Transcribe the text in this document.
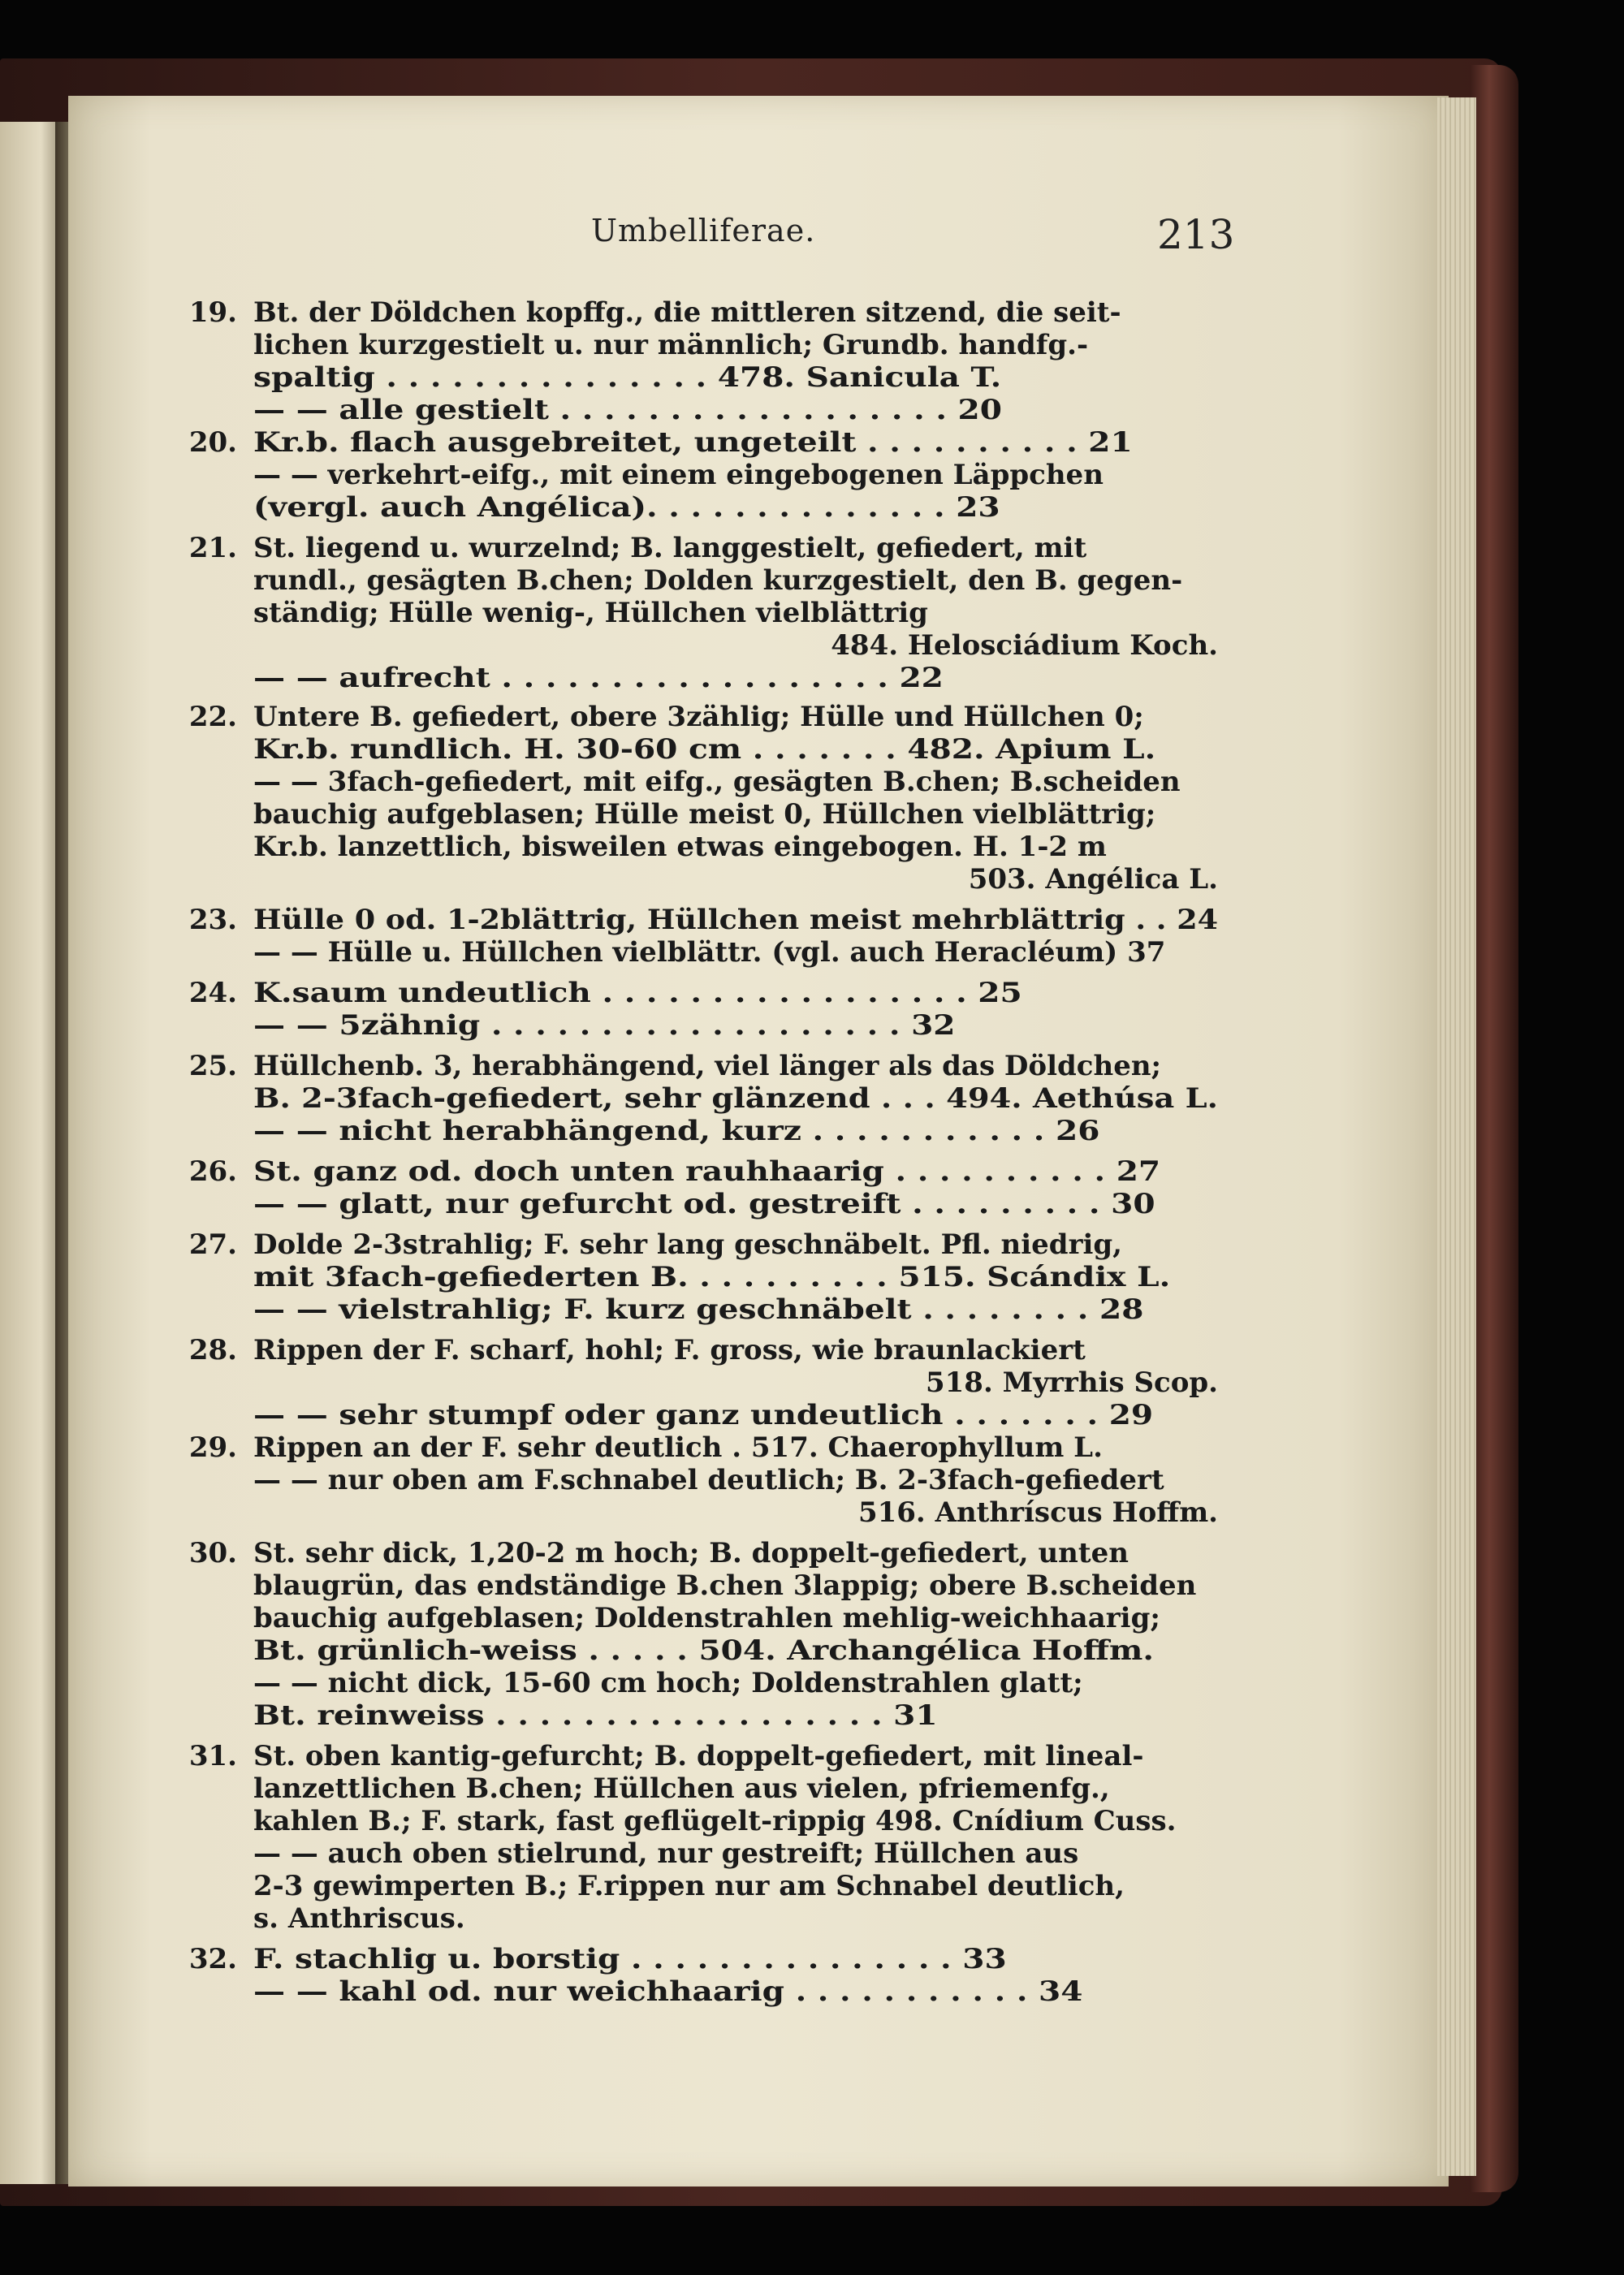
Umbelliferae.	213
19. Bt. der Döldchen kopffg., die mittleren sitzend, die seit-
lichen kurzgestielt u. nur männlich; Grundb. handfg.-
spaltig . . . . . . . . . . . . . . . 478. Sanicula T.
— — alle gestielt . . . . . . . . . . . . . . . . . . 20
20. Kr.b. flach ausgebreitet, ungeteilt . . . . . . . . . . 21
— — verkehrt-eifg., mit einem eingebogenen Läppchen
(vergl. auch Angélica). . . . . . . . . . . . . . 23
21. St. liegend u. wurzelnd; B. langgestielt, gefiedert, mit
rundl., gesägten B.chen; Dolden kurzgestielt, den B. gegen-
ständig; Hülle wenig-, Hüllchen vielblättrig
484. Helosciádium Koch.
— — aufrecht . . . . . . . . . . . . . . . . . . 22
22. Untere B. gefiedert, obere 3zählig; Hülle und Hüllchen 0;
Kr.b. rundlich. H. 30-60 cm . . . . . . . 482. Apium L.
— — 3fach-gefiedert, mit eifg., gesägten B.chen; B.scheiden
bauchig aufgeblasen; Hülle meist 0, Hüllchen vielblättrig;
Kr.b. lanzettlich, bisweilen etwas eingebogen. H. 1-2 m
503. Angélica L.
23. Hülle 0 od. 1-2blättrig, Hüllchen meist mehrblättrig . . 24
— — Hülle u. Hüllchen vielblättr. (vgl. auch Heracléum) 37
24. K.saum undeutlich . . . . . . . . . . . . . . . . . 25
— — 5zähnig . . . . . . . . . . . . . . . . . . . 32
25. Hüllchenb. 3, herabhängend, viel länger als das Döldchen;
B. 2-3fach-gefiedert, sehr glänzend . . . 494. Aethúsa L.
— — nicht herabhängend, kurz . . . . . . . . . . . 26
26. St. ganz od. doch unten rauhhaarig . . . . . . . . . . 27
— — glatt, nur gefurcht od. gestreift . . . . . . . . . 30
27. Dolde 2-3strahlig; F. sehr lang geschnäbelt. Pfl. niedrig,
mit 3fach-gefiederten B. . . . . . . . . . 515. Scándix L.
— — vielstrahlig; F. kurz geschnäbelt . . . . . . . . 28
28. Rippen der F. scharf, hohl; F. gross, wie braunlackiert
518. Myrrhis Scop.
— — sehr stumpf oder ganz undeutlich . . . . . . . 29
29. Rippen an der F. sehr deutlich . 517. Chaerophyllum L.
— — nur oben am F.schnabel deutlich; B. 2-3fach-gefiedert
516. Anthríscus Hoffm.
30. St. sehr dick, 1,20-2 m hoch; B. doppelt-gefiedert, unten
blaugrün, das endständige B.chen 3lappig; obere B.scheiden
bauchig aufgeblasen; Doldenstrahlen mehlig-weichhaarig;
Bt. grünlich-weiss . . . . . 504. Archangélica Hoffm.
— — nicht dick, 15-60 cm hoch; Doldenstrahlen glatt;
Bt. reinweiss . . . . . . . . . . . . . . . . . . 31
31. St. oben kantig-gefurcht; B. doppelt-gefiedert, mit lineal-
lanzettlichen B.chen; Hüllchen aus vielen, pfriemenfg.,
kahlen B.; F. stark, fast geflügelt-rippig 498. Cnídium Cuss.
— — auch oben stielrund, nur gestreift; Hüllchen aus
2-3 gewimperten B.; F.rippen nur am Schnabel deutlich,
s. Anthriscus.
32. F. stachlig u. borstig . . . . . . . . . . . . . . . 33
— — kahl od. nur weichhaarig . . . . . . . . . . . 34
